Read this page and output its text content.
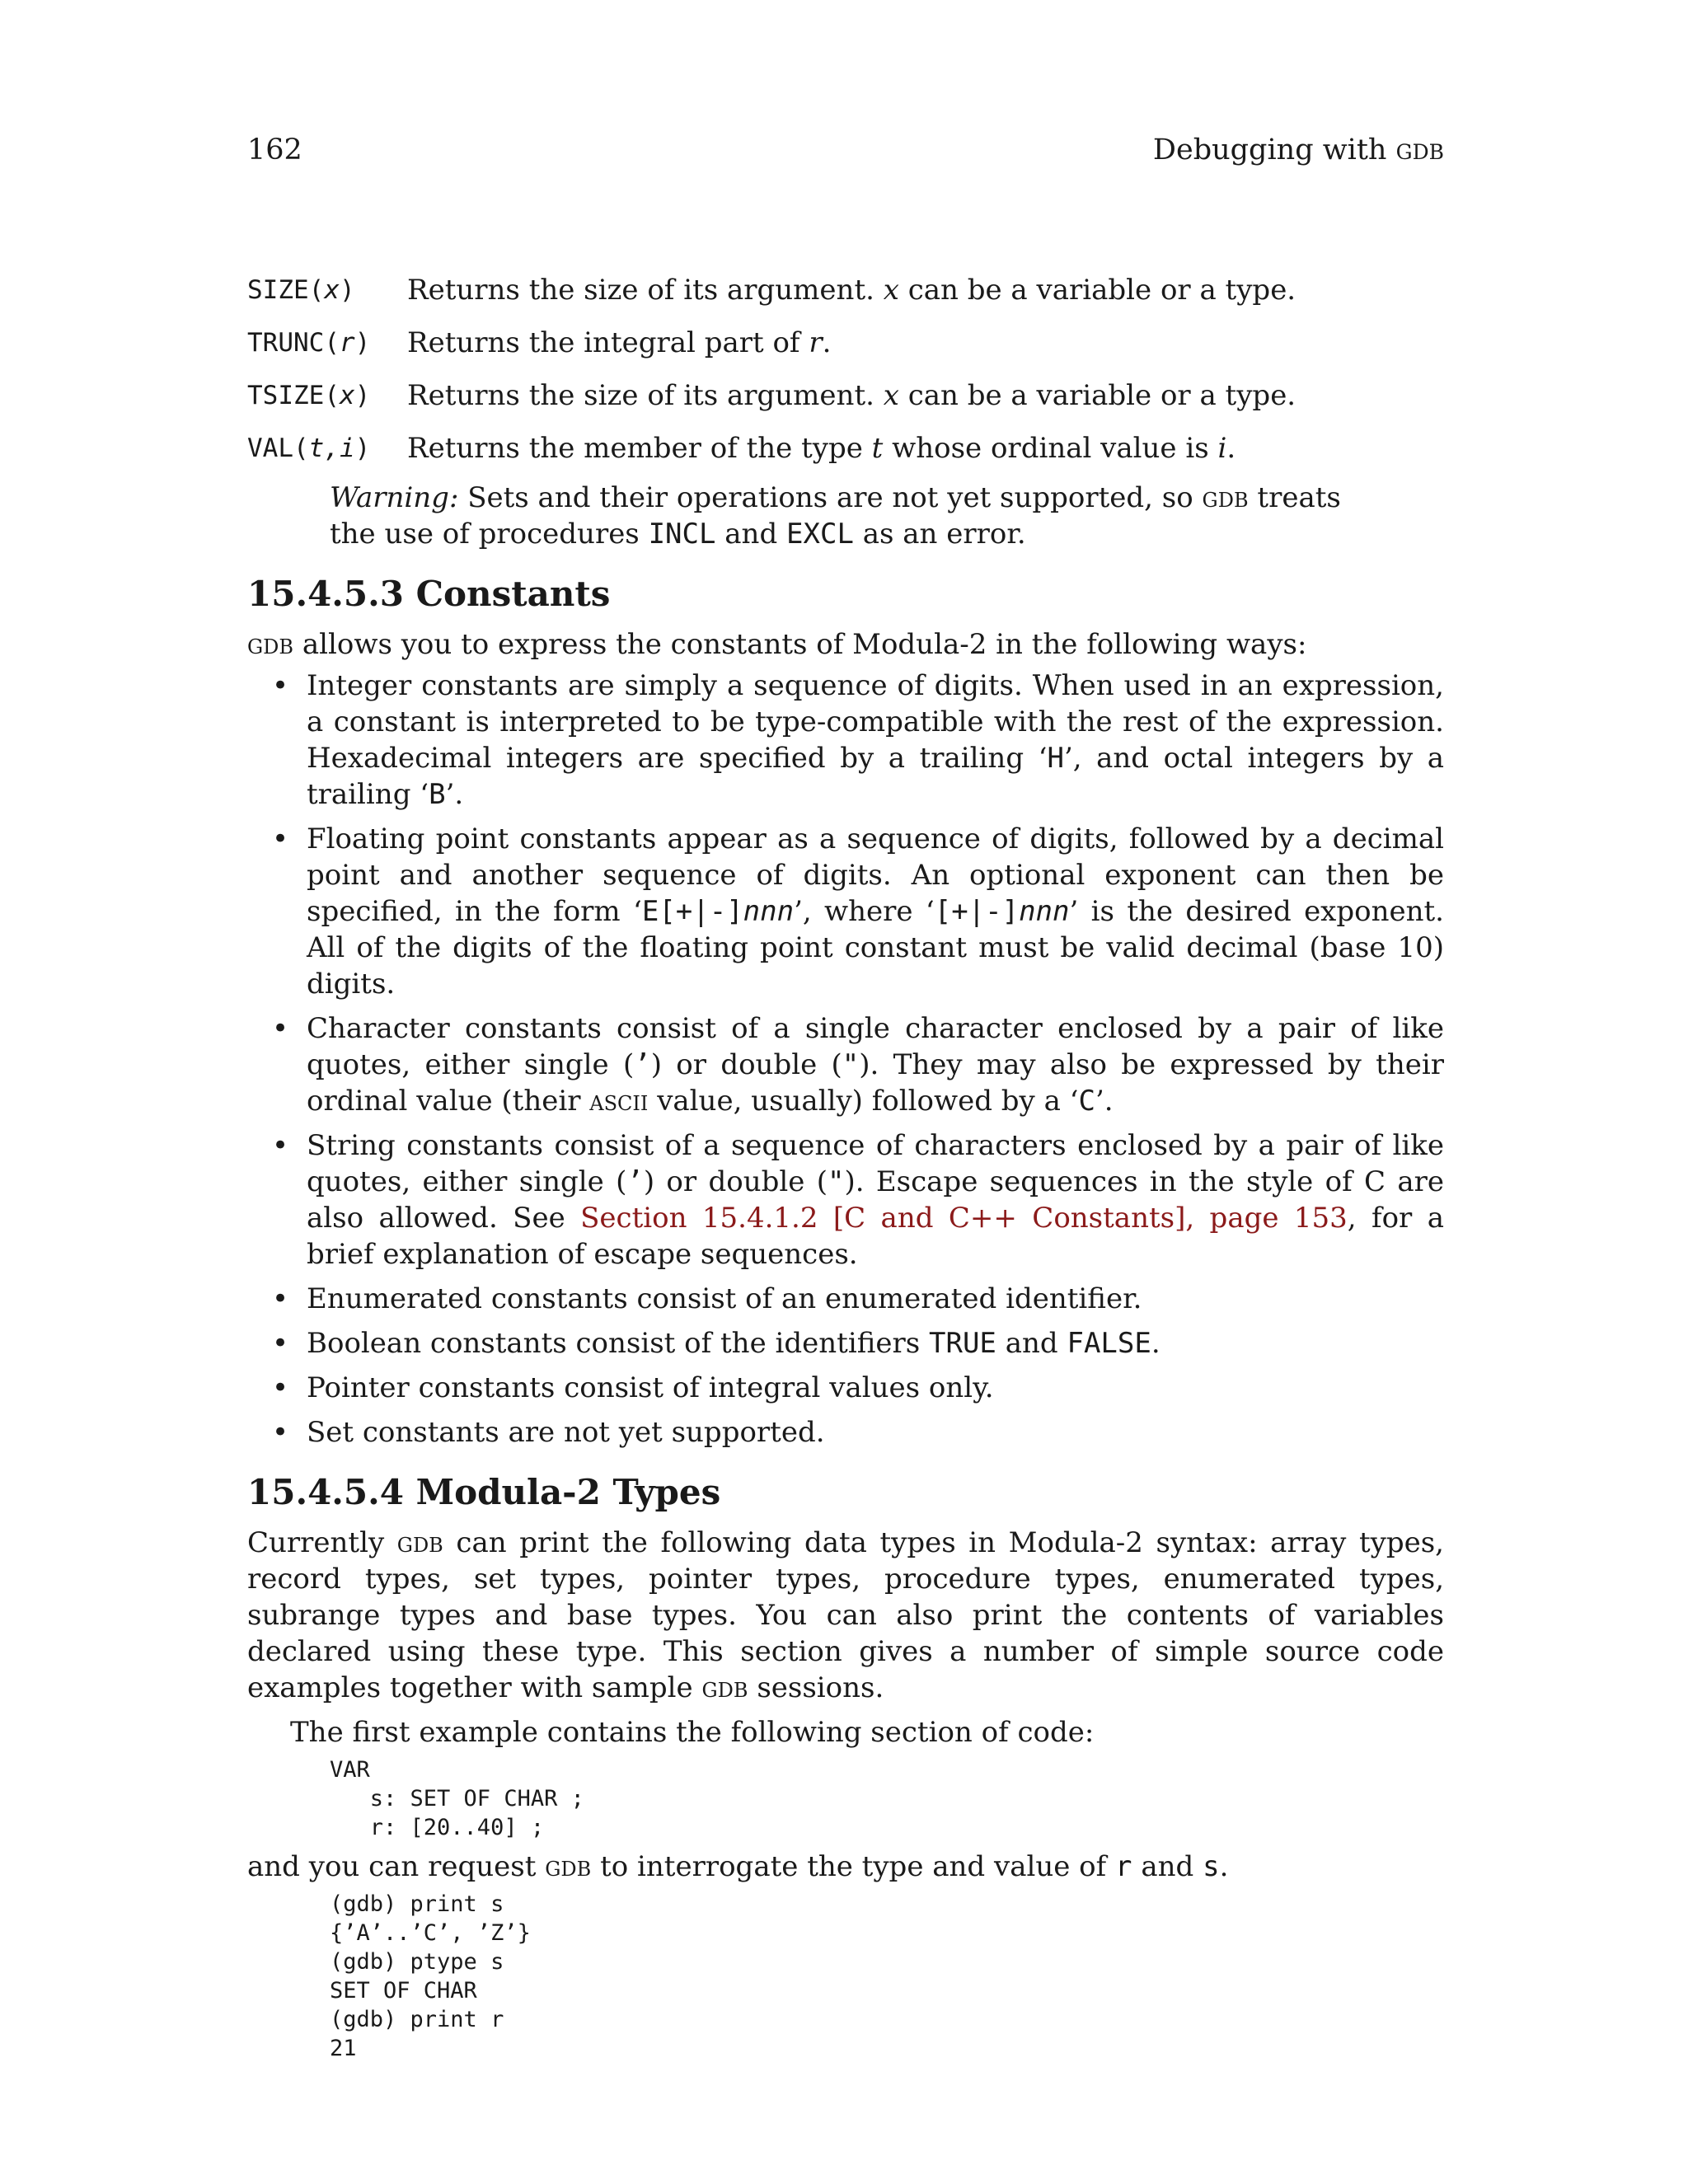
162	Debugging with gdb
SIZE(x)	Returns the size of its argument. x can be a variable or a type.
TRUNC(r)	Returns the integral part of r.
TSIZE(x)	Returns the size of its argument. x can be a variable or a type.
VAL(t,i)	Returns the member of the type t whose ordinal value is i.

Warning: Sets and their operations are not yet supported, so gdb treats the use of procedures INCL and EXCL as an error.

15.4.5.3 Constants

gdb allows you to express the constants of Modula-2 in the following ways:

• Integer constants are simply a sequence of digits. When used in an expression, a constant is interpreted to be type-compatible with the rest of the expression. Hexadecimal integers are specified by a trailing ‘H’, and octal integers by a trailing ‘B’.
• Floating point constants appear as a sequence of digits, followed by a decimal point and another sequence of digits. An optional exponent can then be specified, in the form ‘E[+|-]nnn’, where ‘[+|-]nnn’ is the desired exponent. All of the digits of the floating point constant must be valid decimal (base 10) digits.
• Character constants consist of a single character enclosed by a pair of like quotes, either single (’) or double ("). They may also be expressed by their ordinal value (their ascii value, usually) followed by a ‘C’.
• String constants consist of a sequence of characters enclosed by a pair of like quotes, either single (’) or double ("). Escape sequences in the style of C are also allowed. See Section 15.4.1.2 [C and C++ Constants], page 153, for a brief explanation of escape sequences.
• Enumerated constants consist of an enumerated identifier.
• Boolean constants consist of the identifiers TRUE and FALSE.
• Pointer constants consist of integral values only.
• Set constants are not yet supported.
15.4.5.4 Modula-2 Types

Currently gdb can print the following data types in Modula-2 syntax: array types, record types, set types, pointer types, procedure types, enumerated types, subrange types and base types. You can also print the contents of variables declared using these type. This section gives a number of simple source code examples together with sample gdb sessions.

The first example contains the following section of code:

VAR
s: SET OF CHAR ;
r: [20..40] ;

and you can request gdb to interrogate the type and value of r and s.

(gdb) print s
{’A’..’C’, ’Z’}
(gdb) ptype s
SET OF CHAR
(gdb) print r
21
